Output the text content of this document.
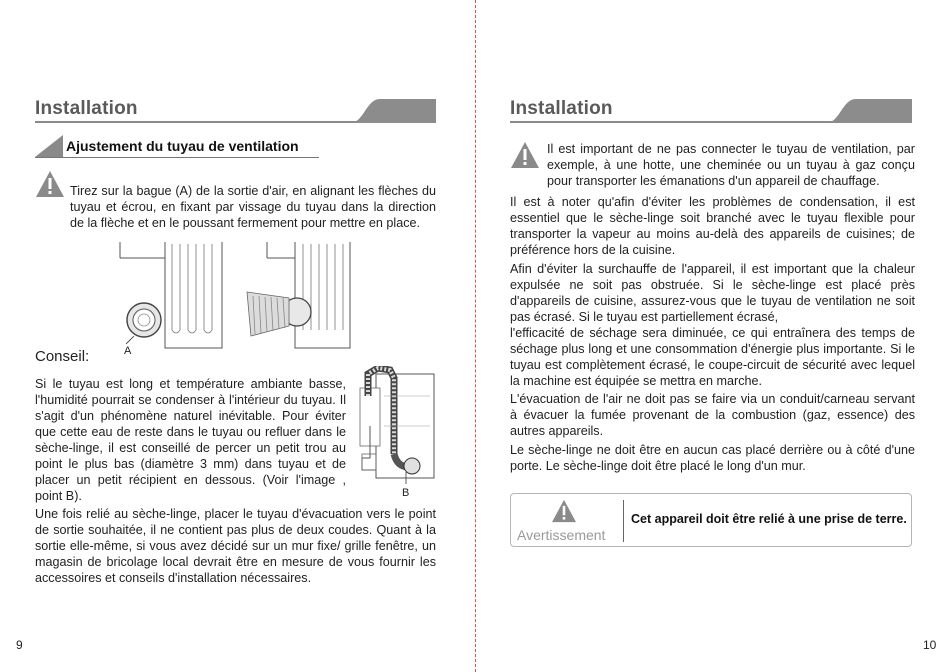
Installation
Ajustement du tuyau de ventilation
Tirez sur la bague (A) de la sortie d'air, en alignant les flèches du tuyau et écrou, en fixant par vissage du tuyau dans la direction de la flèche et en le poussant fermement pour mettre en place.
A
Conseil:
Si le tuyau est long et température ambiante basse, l'humidité pourrait se condenser à l'intérieur du tuyau. Il s'agit d'un phénomène naturel inévitable. Pour éviter que cette eau de reste dans le tuyau ou refluer dans le sèche-linge, il est conseillé de percer un petit trou au point le plus bas (diamètre 3 mm) dans tuyau et de placer un petit récipient en dessous. (Voir l'image , point B).	B
Une fois relié au sèche-linge, placer le tuyau d'évacuation vers le point de sortie souhaitée, il ne contient pas plus de deux coudes. Quant à la sortie elle-même, si vous avez décidé sur un mur fixe/ grille fenêtre, un magasin de bricolage local devrait être en mesure de vous fournir les accessoires et conseils d'installation nécessaires.
9
Installation
Il est important de ne pas connecter le tuyau de ventilation, par exemple, à une hotte, une cheminée ou un tuyau à gaz conçu pour transporter les émanations d'un appareil de chauffage.
Il est à noter qu'afin d'éviter les problèmes de condensation, il est essentiel que le sèche-linge soit branché avec le tuyau flexible pour transporter la vapeur au moins au-delà des appareils de cuisines; de préférence hors de la cuisine.
Afin d'éviter la surchauffe de l'appareil, il est important que la chaleur expulsée ne soit pas obstruée. Si le sèche-linge est placé près d'appareils de cuisine, assurez-vous que le tuyau de ventilation ne soit pas écrasé. Si le tuyau est partiellement écrasé,
l'efficacité de séchage sera diminuée, ce qui entraînera des temps de séchage plus long et une consommation d'énergie plus importante. Si le tuyau est complètement écrasé, le coupe-circuit de sécurité avec lequel la machine est équipée se mettra en marche.
L'évacuation de l'air ne doit pas se faire via un conduit/carneau servant à évacuer la fumée provenant de la combustion (gaz, essence) des autres appareils.
Le sèche-linge ne doit être en aucun cas placé derrière ou à côté d'une porte. Le sèche-linge doit être placé le long d'un mur.
Avertissement
Cet appareil doit être relié à une prise de terre.
10
